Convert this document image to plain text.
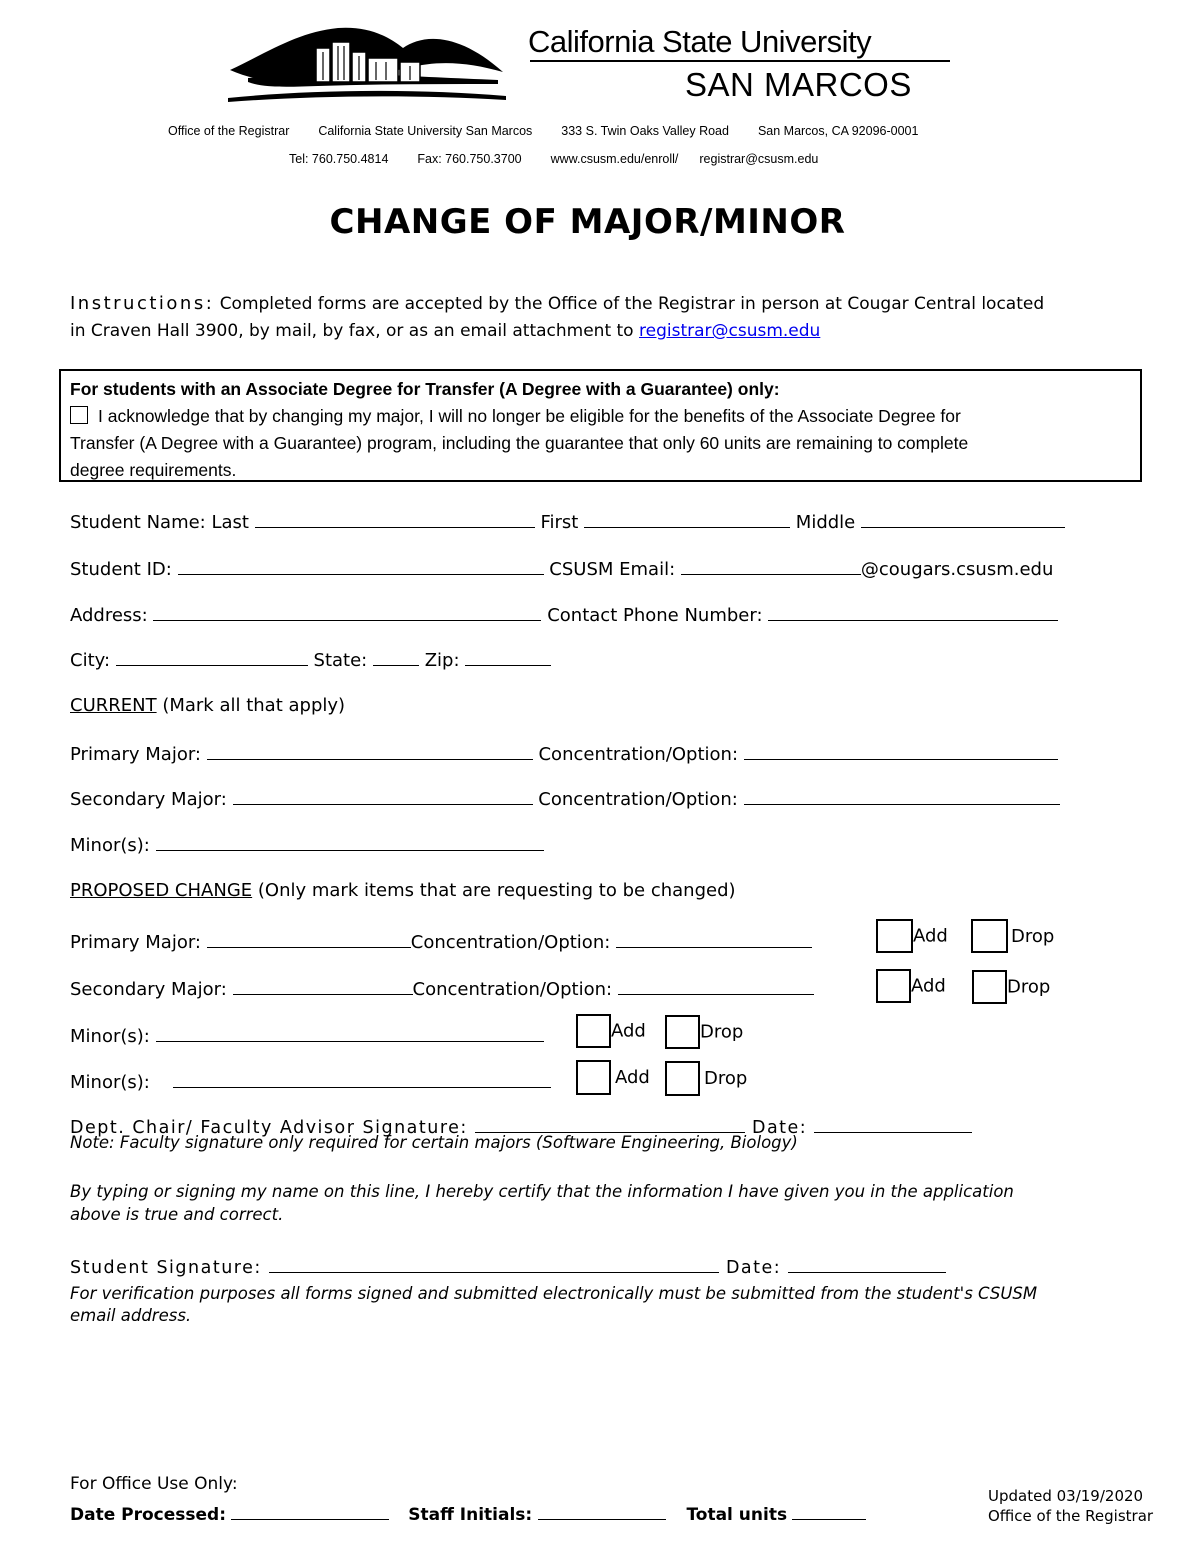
California State University
SAN MARCOS
Office of the Registrar California State University San Marcos 333 S. Twin Oaks Valley Road San Marcos, CA 92096-0001
Tel: 760.750.4814 Fax: 760.750.3700 www.csusm.edu/enroll/ registrar@csusm.edu
CHANGE OF MAJOR/MINOR
Instructions: Completed forms are accepted by the Office of the Registrar in person at Cougar Central located
in Craven Hall 3900, by mail, by fax, or as an email attachment to registrar@csusm.edu
For students with an Associate Degree for Transfer (A Degree with a Guarantee) only:
I acknowledge that by changing my major, I will no longer be eligible for the benefits of the Associate Degree for
Transfer (A Degree with a Guarantee) program, including the guarantee that only 60 units are remaining to complete
degree requirements.
Student Name: Last	First	Middle
Student ID:	CSUSM Email:	@cougars.csusm.edu
Address:	Contact Phone Number:
City:	State:	Zip:
CURRENT (Mark all that apply)
Primary Major:	Concentration/Option:
Secondary Major:	Concentration/Option:
Minor(s):
PROPOSED CHANGE (Only mark items that are requesting to be changed)
Primary Major:	Concentration/Option:	Add	Drop
Secondary Major:	Concentration/Option:	Add	Drop
Minor(s):	Add	Drop
Minor(s):	Add	Drop
Dept. Chair/ Faculty Advisor Signature:	Date:
Note: Faculty signature only required for certain majors (Software Engineering, Biology)
By typing or signing my name on this line, I hereby certify that the information I have given you in the application
above is true and correct.
Student Signature:	Date:
For verification purposes all forms signed and submitted electronically must be submitted from the student's CSUSM
email address.
For Office Use Only:
Date Processed:	Staff Initials:	Total units
Updated 03/19/2020
Office of the Registrar
